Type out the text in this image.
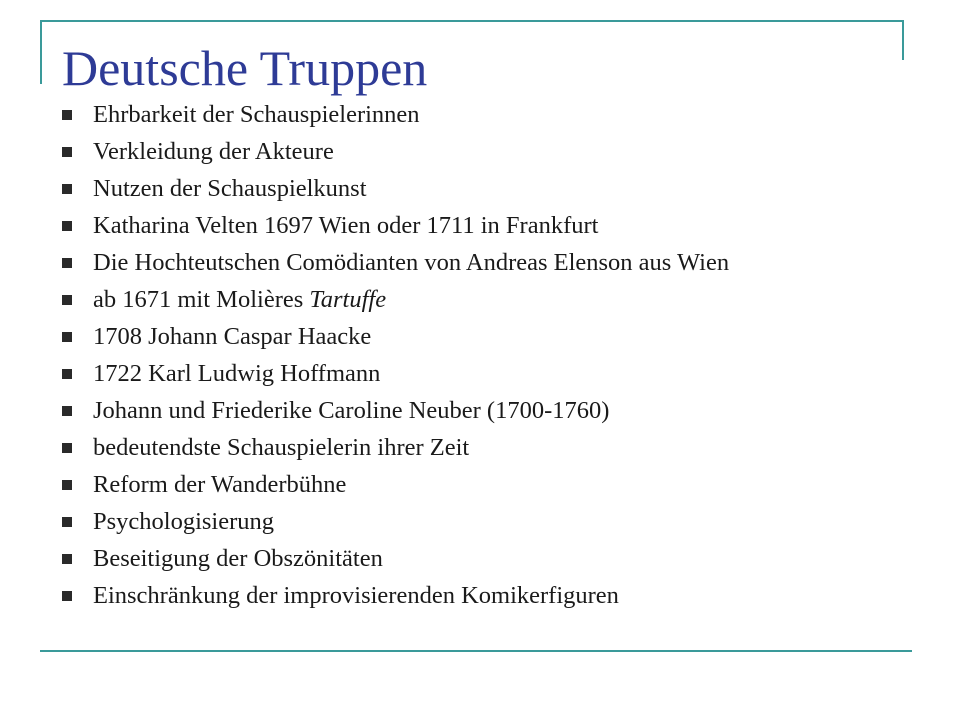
Deutsche Truppen
Ehrbarkeit der Schauspielerinnen
Verkleidung der Akteure
Nutzen der Schauspielkunst
Katharina Velten 1697 Wien oder 1711 in Frankfurt
Die Hochteutschen Comödianten von Andreas Elenson aus Wien
ab 1671 mit Molières Tartuffe
1708 Johann Caspar Haacke
1722 Karl Ludwig Hoffmann
Johann und Friederike Caroline Neuber (1700-1760)
bedeutendste Schauspielerin ihrer Zeit
Reform der Wanderbühne
Psychologisierung
Beseitigung der Obszönitäten
Einschränkung der improvisierenden Komikerfiguren
